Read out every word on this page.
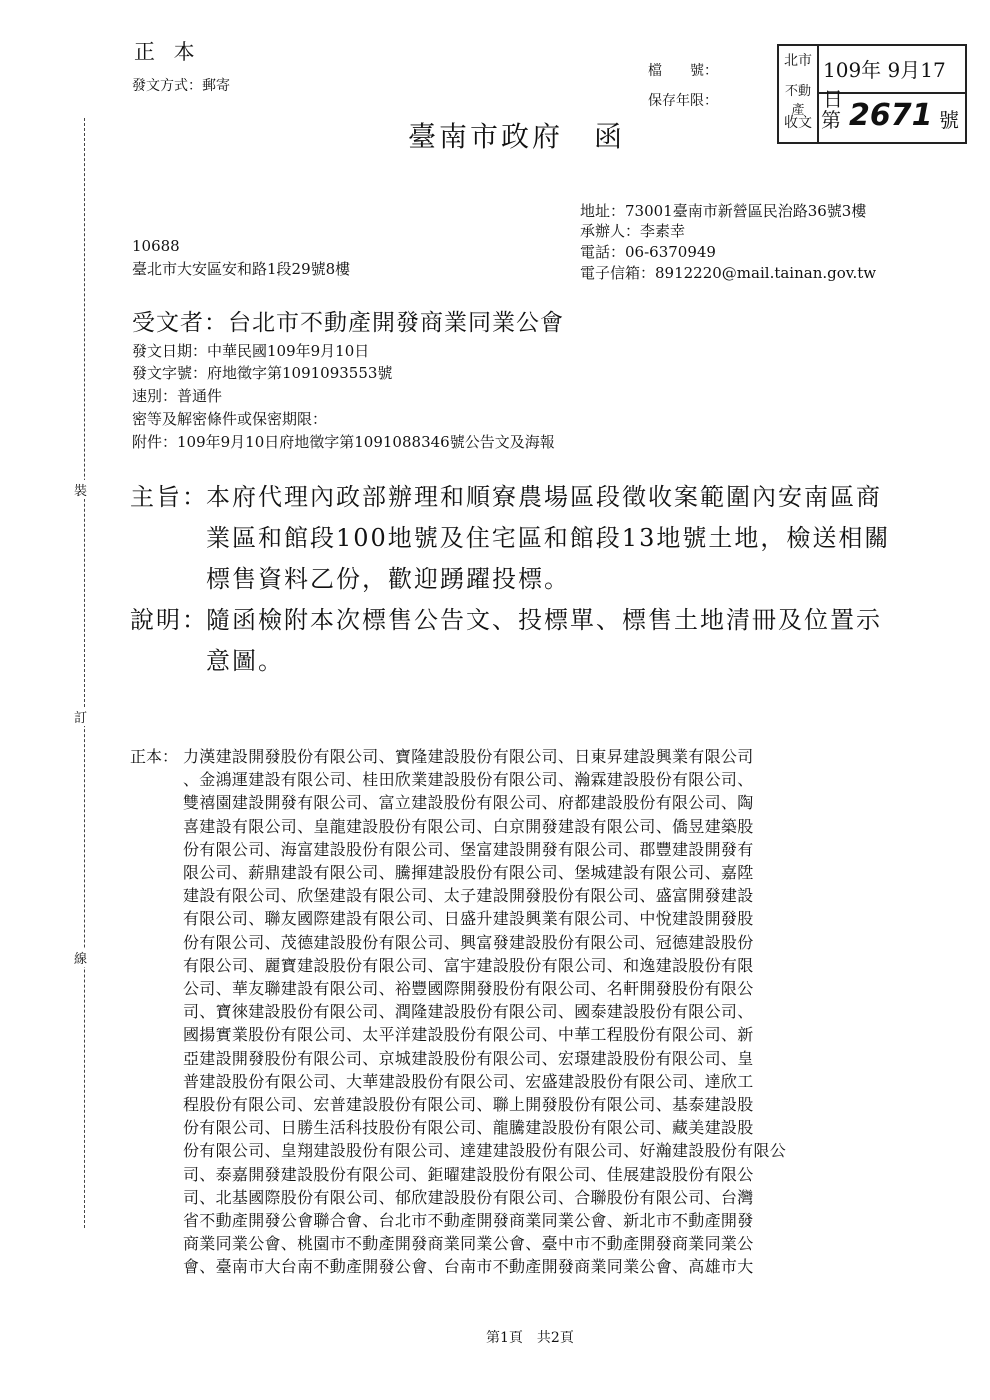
正 本
發文方式：郵寄
檔　　號：
保存年限：
臺南市政府　函
北市
不動產
收文
109年 9月17日
第 2671 號
地址：73001臺南市新營區民治路36號3樓
承辦人：李素幸
電話：06-6370949
電子信箱：8912220@mail.tainan.gov.tw
10688
臺北市大安區安和路1段29號8樓
受文者：台北市不動產開發商業同業公會
發文日期：中華民國109年9月10日
發文字號：府地徵字第1091093553號
速別：普通件
密等及解密條件或保密期限：
附件：109年9月10日府地徵字第1091088346號公告文及海報
主旨：
本府代理內政部辦理和順寮農場區段徵收案範圍內安南區商
業區和館段100地號及住宅區和館段13地號土地，檢送相關
標售資料乙份，歡迎踴躍投標。
說明：
隨函檢附本次標售公告文、投標單、標售土地清冊及位置示
意圖。
正本： 力漢建設開發股份有限公司、寶隆建設股份有限公司、日東昇建設興業有限公司
、金鴻運建設有限公司、桂田欣業建設股份有限公司、瀚霖建設股份有限公司、
雙禧園建設開發有限公司、富立建設股份有限公司、府都建設股份有限公司、陶
喜建設有限公司、皇龍建設股份有限公司、白京開發建設有限公司、僑昱建築股
份有限公司、海富建設股份有限公司、堡富建設開發有限公司、郡豐建設開發有
限公司、薪鼎建設有限公司、騰揮建設股份有限公司、堡城建設有限公司、嘉陞
建設有限公司、欣堡建設有限公司、太子建設開發股份有限公司、盛富開發建設
有限公司、聯友國際建設有限公司、日盛升建設興業有限公司、中悅建設開發股
份有限公司、茂德建設股份有限公司、興富發建設股份有限公司、冠德建設股份
有限公司、麗寶建設股份有限公司、富宇建設股份有限公司、和逸建設股份有限
公司、華友聯建設有限公司、裕豐國際開發股份有限公司、名軒開發股份有限公
司、寶徠建設股份有限公司、潤隆建設股份有限公司、國泰建設股份有限公司、
國揚實業股份有限公司、太平洋建設股份有限公司、中華工程股份有限公司、新
亞建設開發股份有限公司、京城建設股份有限公司、宏璟建設股份有限公司、皇
普建設股份有限公司、大華建設股份有限公司、宏盛建設股份有限公司、達欣工
程股份有限公司、宏普建設股份有限公司、聯上開發股份有限公司、基泰建設股
份有限公司、日勝生活科技股份有限公司、龍騰建設股份有限公司、藏美建設股
份有限公司、皇翔建設股份有限公司、達建建設股份有限公司、好瀚建設股份有限公
司、泰嘉開發建設股份有限公司、鉅曜建設股份有限公司、佳展建設股份有限公
司、北基國際股份有限公司、郁欣建設股份有限公司、合聯股份有限公司、台灣
省不動產開發公會聯合會、台北市不動產開發商業同業公會、新北市不動產開發
商業同業公會、桃園市不動產開發商業同業公會、臺中市不動產開發商業同業公
會、臺南市大台南不動產開發公會、台南市不動產開發商業同業公會、高雄市大
裝
訂
線
第1頁　共2頁
